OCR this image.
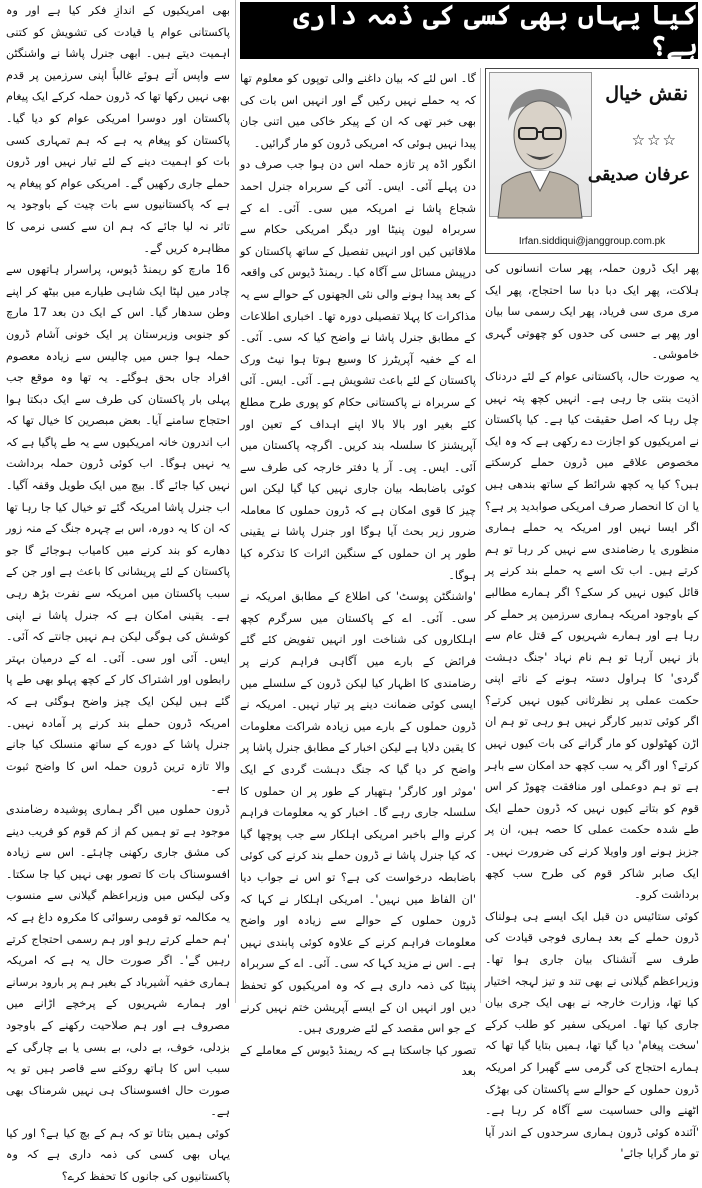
کیا یہاں بھی کسی کی ذمہ داری ہے؟
نقش خیال
☆☆☆
عرفان صدیقی
Irfan.siddiqui@janggroup.com.pk

پھر ایک ڈرون حملہ، پھر سات انسانوں کی ہلاکت، پھر ایک دبا دبا سا احتجاج، پھر ایک مری مری سی فریاد، پھر ایک رسمی سا بیان اور پھر بے حسی کی حدوں کو چھوتی گہری خاموشی۔

یہ صورت حال، پاکستانی عوام کے لئے دردناک اذیت بنتی جا رہی ہے۔ انہیں کچھ پتہ نہیں چل رہا کہ اصل حقیقت کیا ہے۔ کیا پاکستان نے امریکیوں کو اجازت دے رکھی ہے کہ وہ ایک مخصوص علاقے میں ڈرون حملے کرسکتے ہیں؟ کیا یہ کچھ شرائط کے ساتھ بندھی ہیں یا ان کا انحصار صرف امریکی صوابدید پر ہے؟ اگر ایسا نہیں اور امریکہ یہ حملے ہماری منظوری یا رضامندی سے نہیں کر رہا تو ہم کرتے ہیں۔ اب تک اسے یہ حملے بند کرنے پر قائل کیوں نہیں کر سکے؟ اگر ہمارے مطالبے کے باوجود امریکہ ہماری سرزمین پر حملے کر رہا ہے اور ہمارے شہریوں کے قتل عام سے باز نہیں آرہا تو ہم نام نہاد 'جنگ دہشت گردی' کا ہراول دستہ ہونے کے ناتے اپنی حکمت عملی پر نظرثانی کیوں نہیں کرتے؟ اگر کوئی تدبیر کارگر نہیں ہو رہی تو ہم ان اڑن کھٹولوں کو مار گرانے کی بات کیوں نہیں کرتے؟ اور اگر یہ سب کچھ حد امکان سے باہر ہے تو ہم دوعملی اور منافقت چھوڑ کر اس قوم کو بتاتے کیوں نہیں کہ ڈرون حملے ایک طے شدہ حکمت عملی کا حصہ ہیں، ان پر جزبز ہونے اور واویلا کرنے کی ضرورت نہیں۔ ایک صابر شاکر قوم کی طرح سب کچھ برداشت کرو۔

کوئی ستائیس دن قبل ایک ایسے ہی ہولناک ڈرون حملے کے بعد ہماری فوجی قیادت کی طرف سے آتشناک بیان جاری ہوا تھا۔ وزیراعظم گیلانی نے بھی تند و تیز لہجہ اختیار کیا تھا، وزارت خارجہ نے بھی ایک جری بیان جاری کیا تھا۔ امریکی سفیر کو طلب کرکے 'سخت پیغام' دیا گیا تھا، ہمیں بتایا گیا تھا کہ ہمارے احتجاج کی گرمی سے گھبرا کر امریکہ ڈرون حملوں کے حوالے سے پاکستان کی بھڑک اٹھنے والی حساسیت سے آگاہ کر رہا ہے۔ 'آئندہ کوئی ڈرون ہماری سرحدوں کے اندر آیا تو مار گرایا جائے'

گا۔ اس لئے کہ بیان داغنے والی توپوں کو معلوم تھا کہ یہ حملے نہیں رکیں گے اور انہیں اس بات کی بھی خبر تھی کہ ان کے پیکر خاکی میں اتنی جان پیدا نہیں ہوئی کہ امریکی ڈرون کو مار گرائیں۔

انگور اڈہ پر تازہ حملہ اس دن ہوا جب صرف دو دن پہلے آئی۔ ایس۔ آئی کے سربراہ جنرل احمد شجاع پاشا نے امریکہ میں سی۔ آئی۔ اے کے سربراہ لیون پنیٹا اور دیگر امریکی حکام سے ملاقاتیں کیں اور انہیں تفصیل کے ساتھ پاکستان کو درپیش مسائل سے آگاہ کیا۔ ریمنڈ ڈیوس کی واقعہ کے بعد پیدا ہونے والی نئی الجھنوں کے حوالے سے یہ مذاکرات کا پہلا تفصیلی دورہ تھا۔ اخباری اطلاعات کے مطابق جنرل پاشا نے واضح کیا کہ سی۔ آئی۔ اے کے خفیہ آپریٹرز کا وسیع ہوتا ہوا نیٹ ورک پاکستان کے لئے باعث تشویش ہے۔ آئی۔ ایس۔ آئی کے سربراہ نے پاکستانی حکام کو پوری طرح مطلع کئے بغیر اور بالا بالا اپنے اہداف کے تعین اور آپریشنز کا سلسلہ بند کریں۔ اگرچہ پاکستان میں آئی۔ ایس۔ پی۔ آر یا دفتر خارجہ کی طرف سے کوئی باضابطہ بیان جاری نہیں کیا گیا لیکن اس چیز کا قوی امکان ہے کہ ڈرون حملوں کا معاملہ ضرور زیر بحث آیا ہوگا اور جنرل پاشا نے یقینی طور پر ان حملوں کے سنگین اثرات کا تذکرہ کیا ہوگا۔

'واشنگٹن پوسٹ' کی اطلاع کے مطابق امریکہ نے سی۔ آئی۔ اے کے پاکستان میں سرگرم کچھ اہلکاروں کی شناخت اور انہیں تفویض کئے گئے فرائض کے بارے میں آگاہی فراہم کرنے پر رضامندی کا اظہار کیا لیکن ڈرون کے سلسلے میں ایسی کوئی ضمانت دینے پر تیار نہیں۔ امریکہ نے ڈرون حملوں کے بارے میں زیادہ شراکت معلومات کا یقین دلایا ہے لیکن اخبار کے مطابق جنرل پاشا پر واضح کر دیا گیا کہ جنگ دہشت گردی کے ایک 'موثر اور کارگر' ہتھیار کے طور پر ان حملوں کا سلسلہ جاری رہے گا۔ اخبار کو یہ معلومات فراہم کرنے والے باخبر امریکی اہلکار سے جب پوچھا گیا کہ کیا جنرل پاشا نے ڈرون حملے بند کرنے کی کوئی باضابطہ درخواست کی ہے؟ تو اس نے جواب دیا 'ان الفاظ میں نہیں'۔ امریکی اہلکار نے کہا کہ ڈرون حملوں کے حوالے سے زیادہ اور واضح معلومات فراہم کرنے کے علاوہ کوئی پابندی نہیں ہے۔ اس نے مزید کہا کہ سی۔ آئی۔ اے کے سربراہ پنیٹا کی ذمہ داری ہے کہ وہ امریکیوں کو تحفظ دیں اور انہیں ان کے ایسے آپریشن ختم نہیں کرنے کے جو اس مقصد کے لئے ضروری ہیں۔

تصور کیا جاسکتا ہے کہ ریمنڈ ڈیوس کے معاملے کے بعد

بھی امریکیوں کے اندازِ فکر کیا ہے اور وہ پاکستانی عوام یا قیادت کی تشویش کو کتنی اہمیت دیتے ہیں۔ ابھی جنرل پاشا نے واشنگٹن سے واپس آتے ہوئے غالباً اپنی سرزمین پر قدم بھی نہیں رکھا تھا کہ ڈرون حملہ کرکے ایک پیغام پاکستان اور دوسرا امریکی عوام کو دیا گیا۔ پاکستان کو پیغام یہ ہے کہ ہم تمہاری کسی بات کو اہمیت دینے کے لئے تیار نہیں اور ڈرون حملے جاری رکھیں گے۔ امریکی عوام کو پیغام یہ ہے کہ پاکستانیوں سے بات چیت کے باوجود یہ تاثر نہ لیا جائے کہ ہم ان سے کسی نرمی کا مظاہرہ کریں گے۔

16 مارچ کو ریمنڈ ڈیوس، پراسرار ہاتھوں سے چادر میں لپٹا ایک شاہی طیارے میں بیٹھ کر اپنے وطن سدھار گیا۔ اس کے ایک دن بعد 17 مارچ کو جنوبی وزیرستان پر ایک خونی آشام ڈرون حملہ ہوا جس میں چالیس سے زیادہ معصوم افراد جاں بحق ہوگئے۔ یہ تھا وہ موقع جب پہلی بار پاکستان کی طرف سے ایک دبکتا ہوا احتجاج سامنے آیا۔ بعض مبصرین کا خیال تھا کہ اب اندرون خانہ امریکیوں سے یہ طے پاگیا ہے کہ یہ نہیں ہوگا۔ اب کوئی ڈرون حملہ برداشت نہیں کیا جائے گا۔ بیچ میں ایک طویل وقفہ آگیا۔ اب جنرل پاشا امریکہ گئے تو خیال کیا جا رہا تھا کہ ان کا یہ دورہ، اس بے چہرہ جنگ کے منہ زور دھارے کو بند کرنے میں کامیاب ہوجائے گا جو پاکستان کے لئے پریشانی کا باعث ہے اور جن کے سبب پاکستان میں امریکہ سے نفرت بڑھ رہی ہے۔ یقینی امکان ہے کہ جنرل پاشا نے اپنی کوشش کی ہوگی لیکن ہم نہیں جانتے کہ آئی۔ ایس۔ آئی اور سی۔ آئی۔ اے کے درمیان بہتر رابطوں اور اشتراک کار کے کچھ پہلو بھی طے پا گئے ہیں لیکن ایک چیز واضح ہوگئی ہے کہ امریکہ ڈرون حملے بند کرنے پر آمادہ نہیں۔ جنرل پاشا کے دورے کے ساتھ منسلک کیا جانے والا تازہ ترین ڈرون حملہ اس کا واضح ثبوت ہے۔

ڈرون حملوں میں اگر ہماری پوشیدہ رضامندی موجود ہے تو ہمیں کم از کم قوم کو فریب دینے کی مشق جاری رکھنی چاہئے۔ اس سے زیادہ افسوسناک بات کا تصور بھی نہیں کیا جا سکتا۔ وکی لیکس میں وزیراعظم گیلانی سے منسوب یہ مکالمہ تو قومی رسوائی کا مکروہ داغ ہے کہ 'ہم حملے کرتے رہو اور ہم رسمی احتجاج کرتے رہیں گے'۔ اگر صورت حال یہ ہے کہ امریکہ ہماری خفیہ آشیرباد کے بغیر ہم پر بارود برسانے اور ہمارے شہریوں کے پرخچے اڑانے میں مصروف ہے اور ہم صلاحیت رکھنے کے باوجود بزدلی، خوف، بے دلی، بے بسی یا بے چارگی کے سبب اس کا ہاتھ روکنے سے قاصر ہیں تو یہ صورت حال افسوسناک ہی نہیں شرمناک بھی ہے۔

کوئی ہمیں بتاتا تو کہ ہم کے بچ کیا ہے؟ اور کیا یہاں بھی کسی کی ذمہ داری ہے کہ وہ پاکستانیوں کی جانوں کا تحفظ کرے؟
